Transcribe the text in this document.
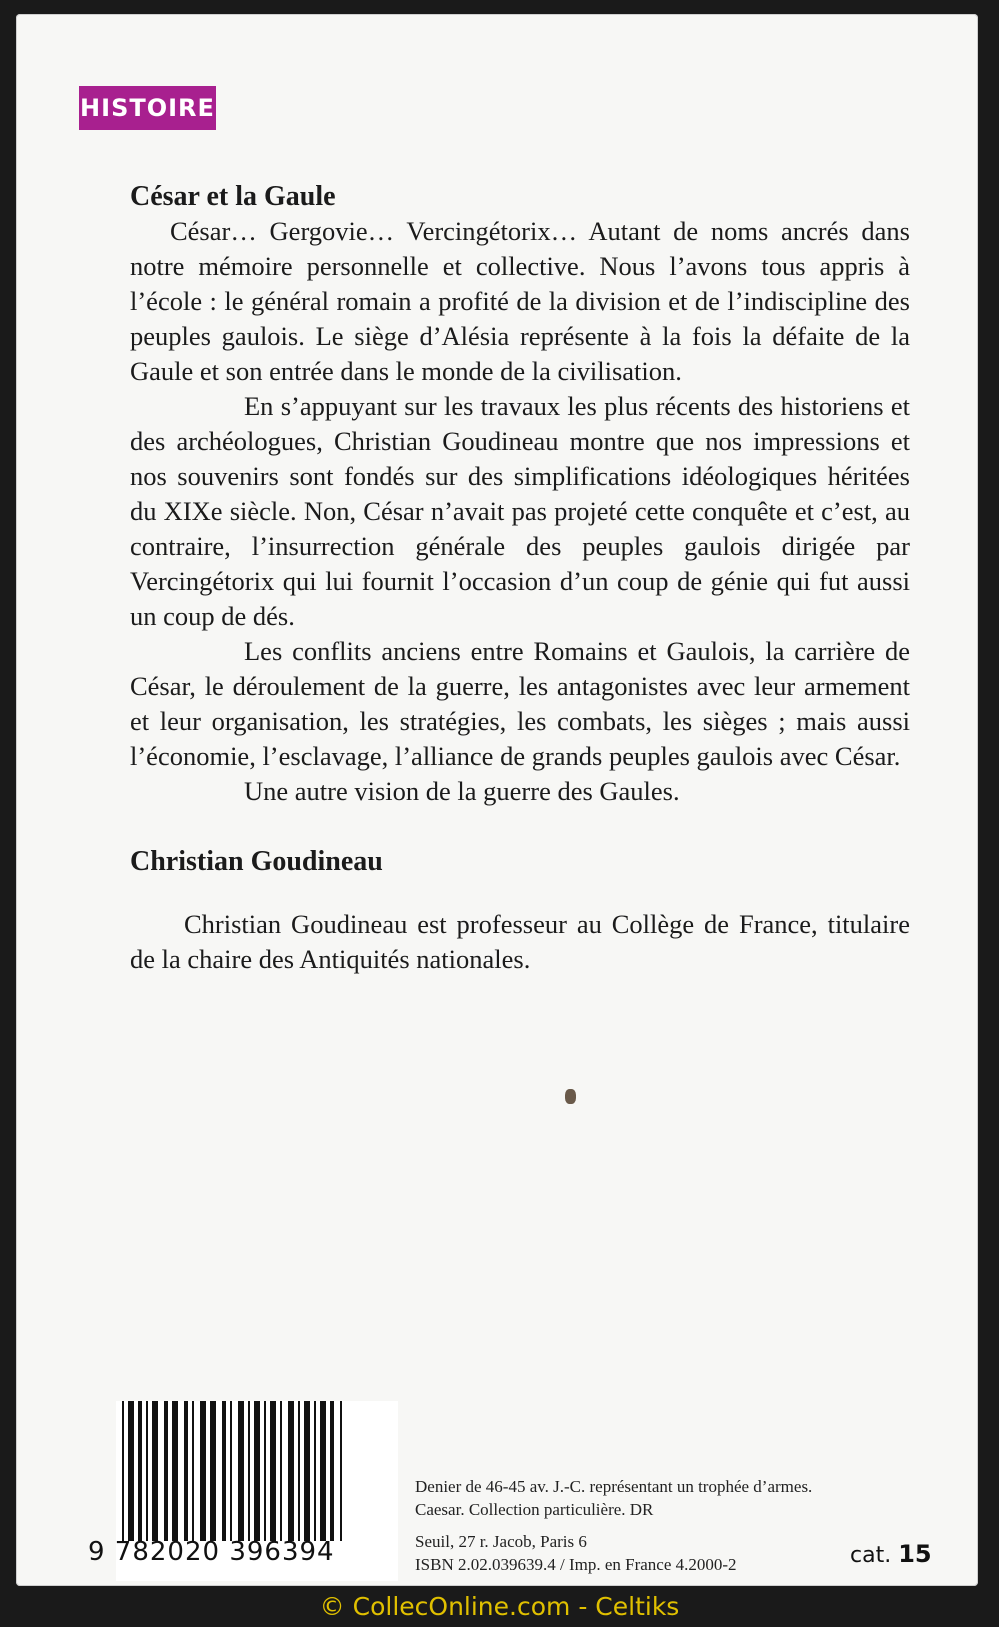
HISTOIRE

César et la Gaule

César… Gergovie… Vercingétorix… Autant de noms ancrés dans notre mémoire personnelle et collective. Nous l’avons tous appris à l’école : le général romain a profité de la division et de l’indiscipline des peuples gaulois. Le siège d’Alésia représente à la fois la défaite de la Gaule et son entrée dans le monde de la civilisation.

En s’appuyant sur les travaux les plus récents des historiens et des archéologues, Christian Goudineau montre que nos impressions et nos souvenirs sont fondés sur des simplifications idéologiques héritées du XIXe siècle. Non, César n’avait pas projeté cette conquête et c’est, au contraire, l’insurrection générale des peuples gaulois dirigée par Vercingétorix qui lui fournit l’occasion d’un coup de génie qui fut aussi un coup de dés.

Les conflits anciens entre Romains et Gaulois, la carrière de César, le déroulement de la guerre, les antagonistes avec leur armement et leur organisation, les stratégies, les combats, les sièges ; mais aussi l’économie, l’esclavage, l’alliance de grands peuples gaulois avec César.

Une autre vision de la guerre des Gaules.

Christian Goudineau

Christian Goudineau est professeur au Collège de France, titulaire de la chaire des Antiquités nationales.

9 782020 396394
Denier de 46-45 av. J.-C. représentant un trophée d’armes.
Caesar. Collection particulière. DR
Seuil, 27 r. Jacob, Paris 6
ISBN 2.02.039639.4 / Imp. en France 4.2000-2	cat. 15
© CollecOnline.com - Celtiks
